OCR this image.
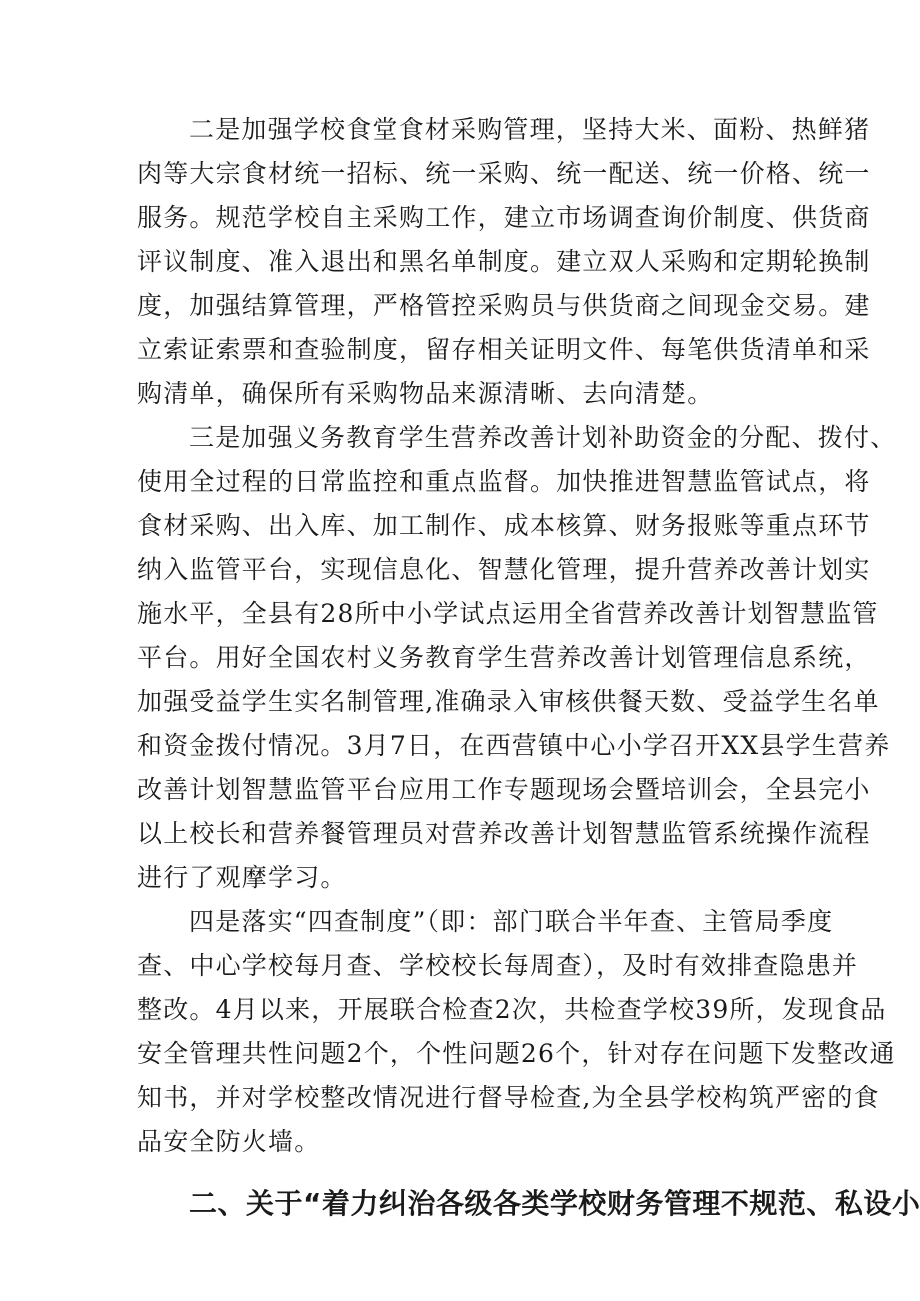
二是加强学校食堂食材采购管理，坚持大米、面粉、热鲜猪
肉等大宗食材统一招标、统一采购、统一配送、统一价格、统一
服务。规范学校自主采购工作，建立市场调查询价制度、供货商
评议制度、准入退出和黑名单制度。建立双人采购和定期轮换制
度，加强结算管理，严格管控采购员与供货商之间现金交易。建
立索证索票和查验制度，留存相关证明文件、每笔供货清单和采
购清单，确保所有采购物品来源清晰、去向清楚。
三是加强义务教育学生营养改善计划补助资金的分配、拨付、
使用全过程的日常监控和重点监督。加快推进智慧监管试点，将
食材采购、出入库、加工制作、成本核算、财务报账等重点环节
纳入监管平台，实现信息化、智慧化管理，提升营养改善计划实
施水平，全县有28所中小学试点运用全省营养改善计划智慧监管
平台。用好全国农村义务教育学生营养改善计划管理信息系统，
加强受益学生实名制管理,准确录入审核供餐天数、受益学生名单
和资金拨付情况。3月7日，在西营镇中心小学召开XX县学生营养
改善计划智慧监管平台应用工作专题现场会暨培训会，全县完小
以上校长和营养餐管理员对营养改善计划智慧监管系统操作流程
进行了观摩学习。
四是落实“四查制度”（即：部门联合半年查、主管局季度
查、中心学校每月查、学校校长每周查），及时有效排查隐患并
整改。4月以来，开展联合检查2次，共检查学校39所，发现食品
安全管理共性问题2个，个性问题26个，针对存在问题下发整改通
知书，并对学校整改情况进行督导检查,为全县学校构筑严密的食
品安全防火墙。
二、关于“着力纠治各级各类学校财务管理不规范、私设小
